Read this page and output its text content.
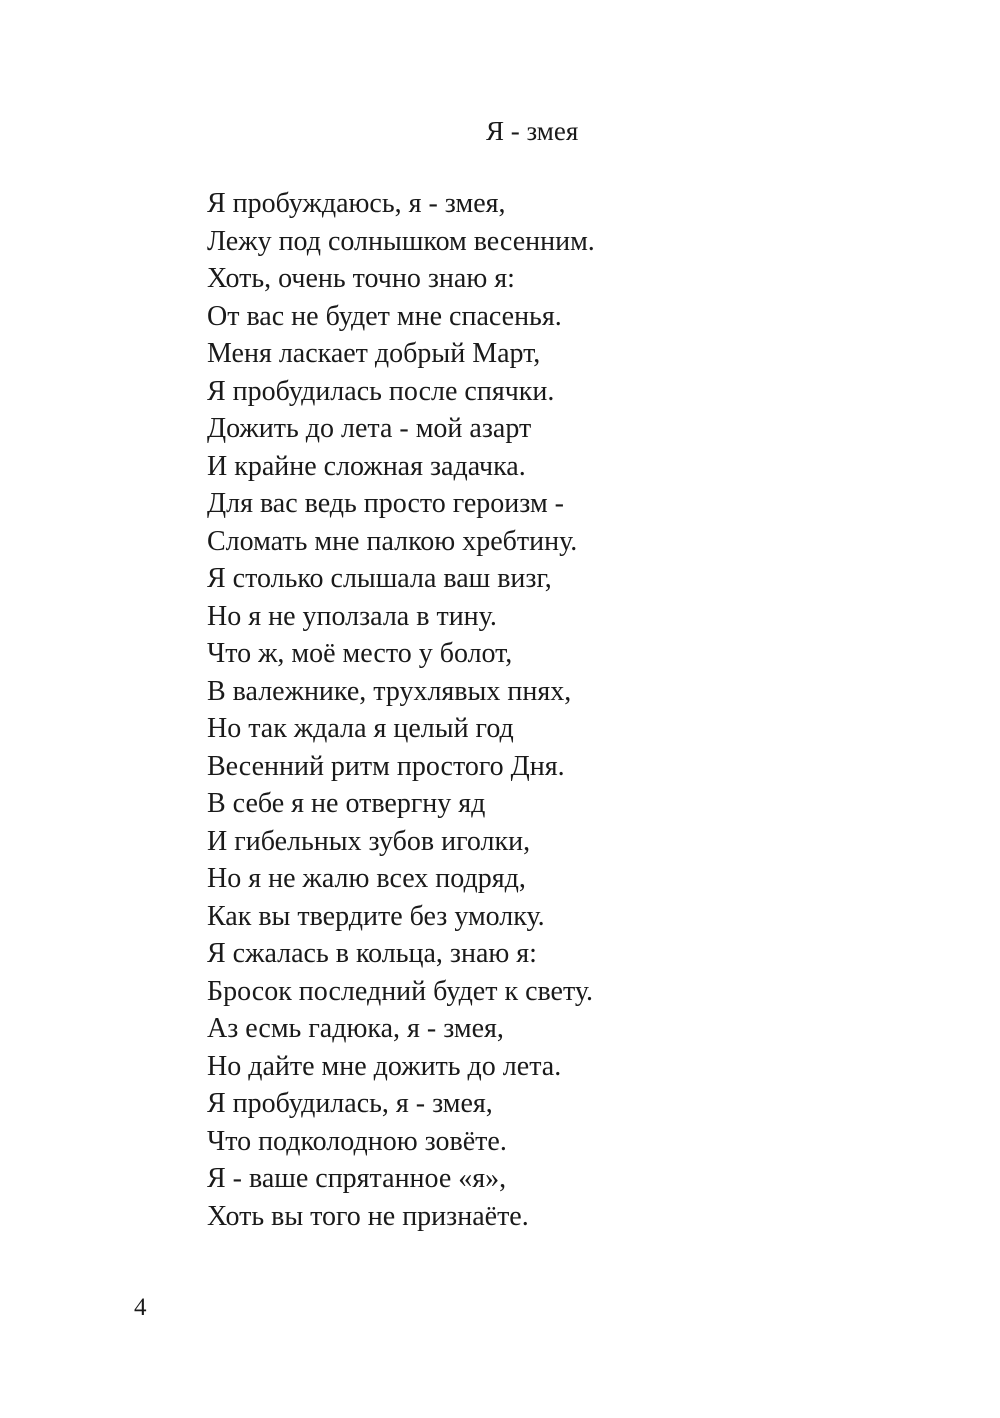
Я - змея
Я пробуждаюсь, я - змея,
Лежу под солнышком весенним.
Хоть, очень точно знаю я:
От вас не будет мне спасенья.
Меня ласкает добрый Март,
Я пробудилась после спячки.
Дожить до лета - мой азарт
И крайне сложная задачка.
Для вас ведь просто героизм -
Сломать мне палкою хребтину.
Я столько слышала ваш визг,
Но я не уползала в тину.
Что ж, моё место у болот,
В валежнике, трухлявых пнях,
Но так ждала я целый год
Весенний ритм простого Дня.
В себе я не отвергну яд
И гибельных зубов иголки,
Но я не жалю всех подряд,
Как вы твердите без умолку.
Я сжалась в кольца, знаю я:
Бросок последний будет к свету.
Аз есмь гадюка, я - змея,
Но дайте мне дожить до лета.
Я пробудилась, я - змея,
Что подколодною зовёте.
Я - ваше спрятанное «я»,
Хоть вы того не признаёте.
4
